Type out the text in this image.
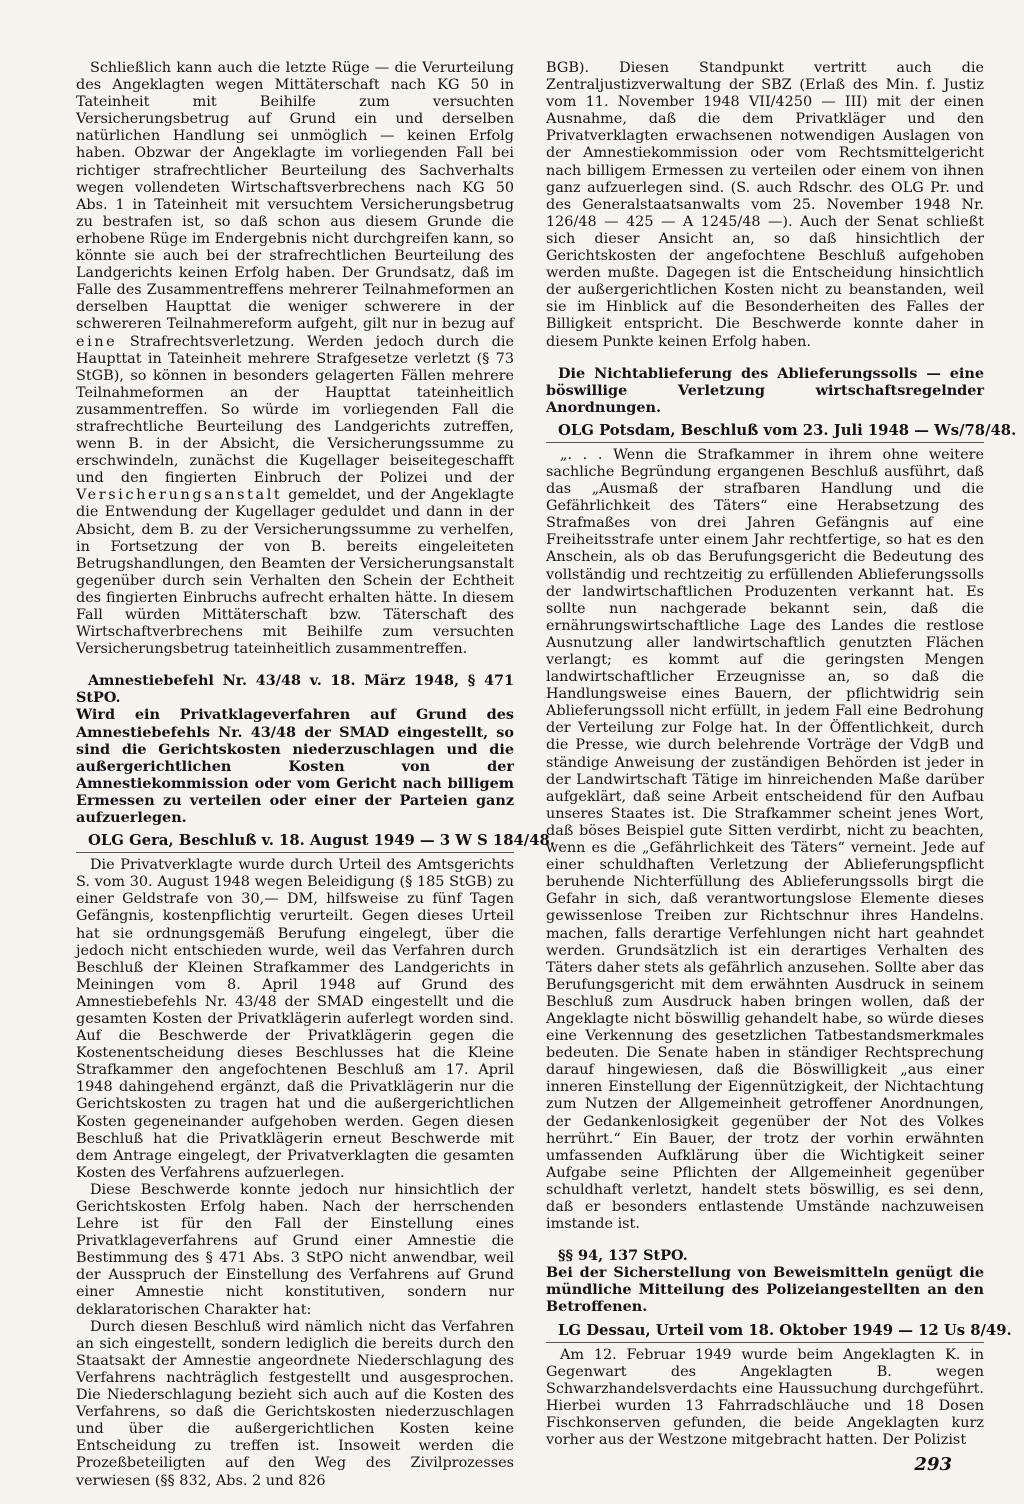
Schließlich kann auch die letzte Rüge — die Verurteilung des Angeklagten wegen Mittäterschaft nach KG 50 in Tateinheit mit Beihilfe zum versuchten Versicherungsbetrug auf Grund ein und derselben natürlichen Handlung sei unmöglich — keinen Erfolg haben. Obzwar der Angeklagte im vorliegenden Fall bei richtiger strafrechtlicher Beurteilung des Sachverhalts wegen vollendeten Wirtschaftsverbrechens nach KG 50 Abs. 1 in Tateinheit mit versuchtem Versicherungsbetrug zu bestrafen ist, so daß schon aus diesem Grunde die erhobene Rüge im Endergebnis nicht durchgreifen kann, so könnte sie auch bei der strafrechtlichen Beurteilung des Landgerichts keinen Erfolg haben. Der Grundsatz, daß im Falle des Zusammentreffens mehrerer Teilnahmeformen an derselben Haupttat die weniger schwerere in der schwereren Teilnahmereform aufgeht, gilt nur in bezug auf eine Strafrechtsverletzung. Werden jedoch durch die Haupttat in Tateinheit mehrere Strafgesetze verletzt (§ 73 StGB), so können in besonders gelagerten Fällen mehrere Teilnahmeformen an der Haupttat tateinheitlich zusammentreffen. So würde im vorliegenden Fall die strafrechtliche Beurteilung des Landgerichts zutreffen, wenn B. in der Absicht, die Versicherungssumme zu erschwindeln, zunächst die Kugellager beiseitegeschafft und den fingierten Einbruch der Polizei und der Versicherungsanstalt gemeldet, und der Angeklagte die Entwendung der Kugellager geduldet und dann in der Absicht, dem B. zu der Versicherungssumme zu verhelfen, in Fortsetzung der von B. bereits eingeleiteten Betrugshandlungen, den Beamten der Versicherungsanstalt gegenüber durch sein Verhalten den Schein der Echtheit des fingierten Einbruchs aufrecht erhalten hätte. In diesem Fall würden Mittäterschaft bzw. Täterschaft des Wirtschaftverbrechens mit Beihilfe zum versuchten Versicherungsbetrug tateinheitlich zusammentreffen.

Amnestiebefehl Nr. 43/48 v. 18. März 1948, § 471 StPO.

Wird ein Privatklageverfahren auf Grund des Amnestiebefehls Nr. 43/48 der SMAD eingestellt, so sind die Gerichtskosten niederzuschlagen und die außergerichtlichen Kosten von der Amnestiekommission oder vom Gericht nach billigem Ermessen zu verteilen oder einer der Parteien ganz aufzuerlegen.

OLG Gera, Beschluß v. 18. August 1949 — 3 W S 184/48.

Die Privatverklagte wurde durch Urteil des Amtsgerichts S. vom 30. August 1948 wegen Beleidigung (§ 185 StGB) zu einer Geldstrafe von 30,— DM, hilfsweise zu fünf Tagen Gefängnis, kostenpflichtig verurteilt. Gegen dieses Urteil hat sie ordnungsgemäß Berufung eingelegt, über die jedoch nicht entschieden wurde, weil das Verfahren durch Beschluß der Kleinen Strafkammer des Landgerichts in Meiningen vom 8. April 1948 auf Grund des Amnestiebefehls Nr. 43/48 der SMAD eingestellt und die gesamten Kosten der Privatklägerin auferlegt worden sind. Auf die Beschwerde der Privatklägerin gegen die Kostenentscheidung dieses Beschlusses hat die Kleine Strafkammer den angefochtenen Beschluß am 17. April 1948 dahingehend ergänzt, daß die Privatklägerin nur die Gerichtskosten zu tragen hat und die außergerichtlichen Kosten gegeneinander aufgehoben werden. Gegen diesen Beschluß hat die Privatklägerin erneut Beschwerde mit dem Antrage eingelegt, der Privatverklagten die gesamten Kosten des Verfahrens aufzuerlegen.

Diese Beschwerde konnte jedoch nur hinsichtlich der Gerichtskosten Erfolg haben. Nach der herrschenden Lehre ist für den Fall der Einstellung eines Privatklageverfahrens auf Grund einer Amnestie die Bestimmung des § 471 Abs. 3 StPO nicht anwendbar, weil der Ausspruch der Einstellung des Verfahrens auf Grund einer Amnestie nicht konstitutiven, sondern nur deklaratorischen Charakter hat:

Durch diesen Beschluß wird nämlich nicht das Verfahren an sich eingestellt, sondern lediglich die bereits durch den Staatsakt der Amnestie angeordnete Niederschlagung des Verfahrens nachträglich festgestellt und ausgesprochen. Die Niederschlagung bezieht sich auch auf die Kosten des Verfahrens, so daß die Gerichtskosten niederzuschlagen und über die außergerichtlichen Kosten keine Entscheidung zu treffen ist. Insoweit werden die Prozeßbeteiligten auf den Weg des Zivilprozesses verwiesen (§§ 832, Abs. 2 und 826

BGB). Diesen Standpunkt vertritt auch die Zentraljustizverwaltung der SBZ (Erlaß des Min. f. Justiz vom 11. November 1948 VII/4250 — III) mit der einen Ausnahme, daß die dem Privatkläger und den Privatverklagten erwachsenen notwendigen Auslagen von der Amnestiekommission oder vom Rechtsmittelgericht nach billigem Ermessen zu verteilen oder einem von ihnen ganz aufzuerlegen sind. (S. auch Rdschr. des OLG Pr. und des Generalstaatsanwalts vom 25. November 1948 Nr. 126/48 — 425 — A 1245/48 —). Auch der Senat schließt sich dieser Ansicht an, so daß hinsichtlich der Gerichtskosten der angefochtene Beschluß aufgehoben werden mußte. Dagegen ist die Entscheidung hinsichtlich der außergerichtlichen Kosten nicht zu beanstanden, weil sie im Hinblick auf die Besonderheiten des Falles der Billigkeit entspricht. Die Beschwerde konnte daher in diesem Punkte keinen Erfolg haben.

Die Nichtablieferung des Ablieferungssolls — eine böswillige Verletzung wirtschaftsregelnder Anordnungen.

OLG Potsdam, Beschluß vom 23. Juli 1948 — Ws/78/48.

„. . . Wenn die Strafkammer in ihrem ohne weitere sachliche Begründung ergangenen Beschluß ausführt, daß das „Ausmaß der strafbaren Handlung und die Gefährlichkeit des Täters“ eine Herabsetzung des Strafmaßes von drei Jahren Gefängnis auf eine Freiheitsstrafe unter einem Jahr rechtfertige, so hat es den Anschein, als ob das Berufungsgericht die Bedeutung des vollständig und rechtzeitig zu erfüllenden Ablieferungssolls der landwirtschaftlichen Produzenten verkannt hat. Es sollte nun nachgerade bekannt sein, daß die ernährungswirtschaftliche Lage des Landes die restlose Ausnutzung aller landwirtschaftlich genutzten Flächen verlangt; es kommt auf die geringsten Mengen landwirtschaftlicher Erzeugnisse an, so daß die Handlungsweise eines Bauern, der pflichtwidrig sein Ablieferungssoll nicht erfüllt, in jedem Fall eine Bedrohung der Verteilung zur Folge hat. In der Öffentlichkeit, durch die Presse, wie durch belehrende Vorträge der VdgB und ständige Anweisung der zuständigen Behörden ist jeder in der Landwirtschaft Tätige im hinreichenden Maße darüber aufgeklärt, daß seine Arbeit entscheidend für den Aufbau unseres Staates ist. Die Strafkammer scheint jenes Wort, daß böses Beispiel gute Sitten verdirbt, nicht zu beachten, wenn es die „Gefährlichkeit des Täters“ verneint. Jede auf einer schuldhaften Verletzung der Ablieferungspflicht beruhende Nichterfüllung des Ablieferungssolls birgt die Gefahr in sich, daß verantwortungslose Elemente dieses gewissenlose Treiben zur Richtschnur ihres Handelns. machen, falls derartige Verfehlungen nicht hart geahndet werden. Grundsätzlich ist ein derartiges Verhalten des Täters daher stets als gefährlich anzusehen. Sollte aber das Berufungsgericht mit dem erwähnten Ausdruck in seinem Beschluß zum Ausdruck haben bringen wollen, daß der Angeklagte nicht böswillig gehandelt habe, so würde dieses eine Verkennung des gesetzlichen Tatbestandsmerkmales bedeuten. Die Senate haben in ständiger Rechtsprechung darauf hingewiesen, daß die Böswilligkeit „aus einer inneren Einstellung der Eigennützigkeit, der Nichtachtung zum Nutzen der Allgemeinheit getroffener Anordnungen, der Gedankenlosigkeit gegenüber der Not des Volkes herrührt.“ Ein Bauer, der trotz der vorhin erwähnten umfassenden Aufklärung über die Wichtigkeit seiner Aufgabe seine Pflichten der Allgemeinheit gegenüber schuldhaft verletzt, handelt stets böswillig, es sei denn, daß er besonders entlastende Umstände nachzuweisen imstande ist.

§§ 94, 137 StPO.

Bei der Sicherstellung von Beweismitteln genügt die mündliche Mitteilung des Polizeiangestellten an den Betroffenen.

LG Dessau, Urteil vom 18. Oktober 1949 — 12 Us 8/49.

Am 12. Februar 1949 wurde beim Angeklagten K. in Gegenwart des Angeklagten B. wegen Schwarzhandelsverdachts eine Haussuchung durchgeführt. Hierbei wurden 13 Fahrradschläuche und 18 Dosen Fischkonserven gefunden, die beide Angeklagten kurz vorher aus der Westzone mitgebracht hatten. Der Polizist

293
